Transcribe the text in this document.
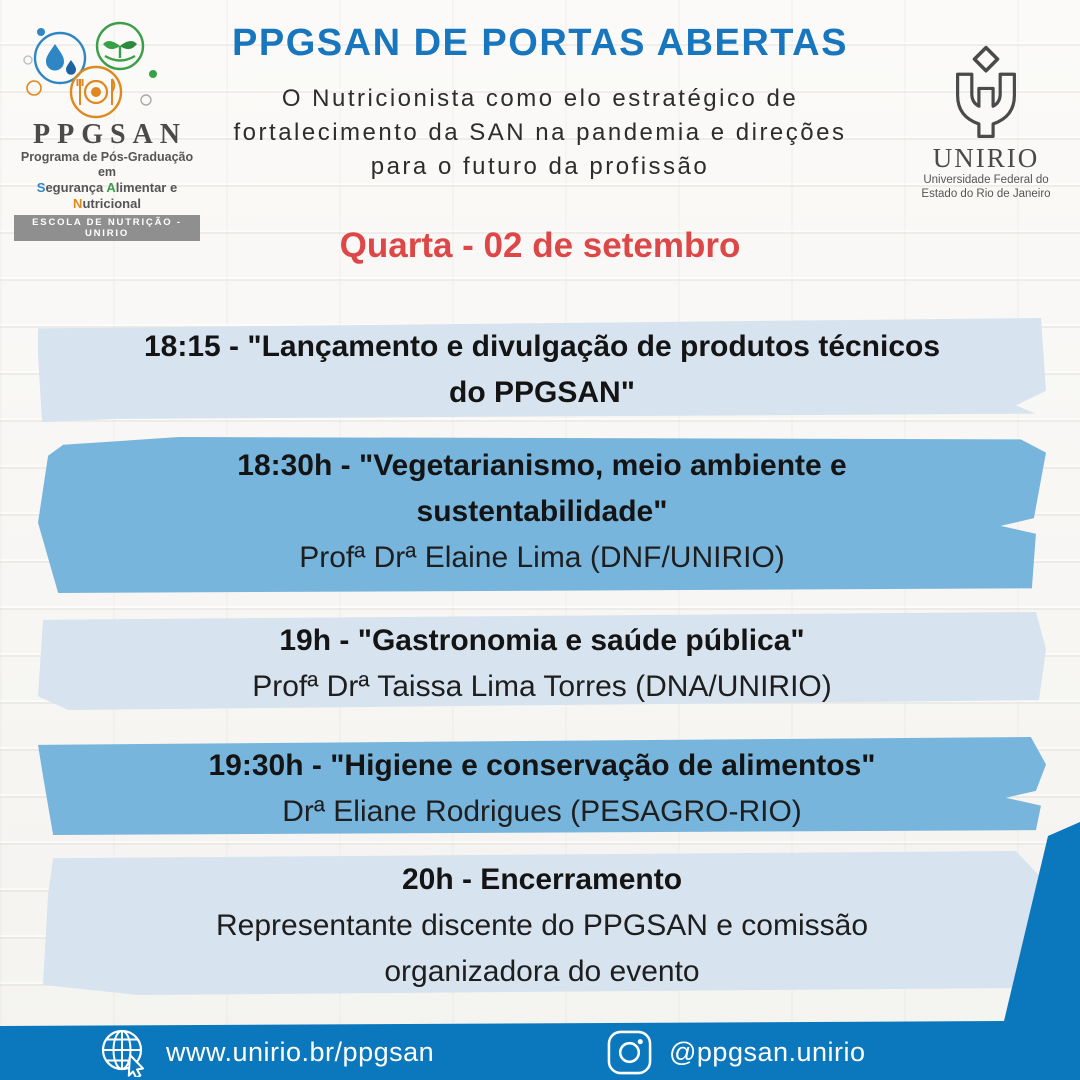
PPGSAN DE PORTAS ABERTAS
O Nutricionista como elo estratégico de
fortalecimento da SAN na pandemia e direções
para o futuro da profissão
PPGSAN
Programa de Pós-Graduação em
Segurança Alimentar e Nutricional
ESCOLA DE NUTRIÇÃO - UNIRIO
UNIRIO
Universidade Federal do
Estado do Rio de Janeiro
Quarta - 02 de setembro
18:15 - "Lançamento e divulgação de produtos técnicos do PPGSAN"
18:30h - "Vegetarianismo, meio ambiente e sustentabilidade"
Profª Drª Elaine Lima (DNF/UNIRIO)
19h - "Gastronomia e saúde pública"
Profª Drª Taissa Lima Torres (DNA/UNIRIO)
19:30h - "Higiene e conservação de alimentos"
Drª Eliane Rodrigues (PESAGRO-RIO)
20h - Encerramento
Representante discente do PPGSAN e comissão organizadora do evento
www.unirio.br/ppgsan	@ppgsan.unirio
